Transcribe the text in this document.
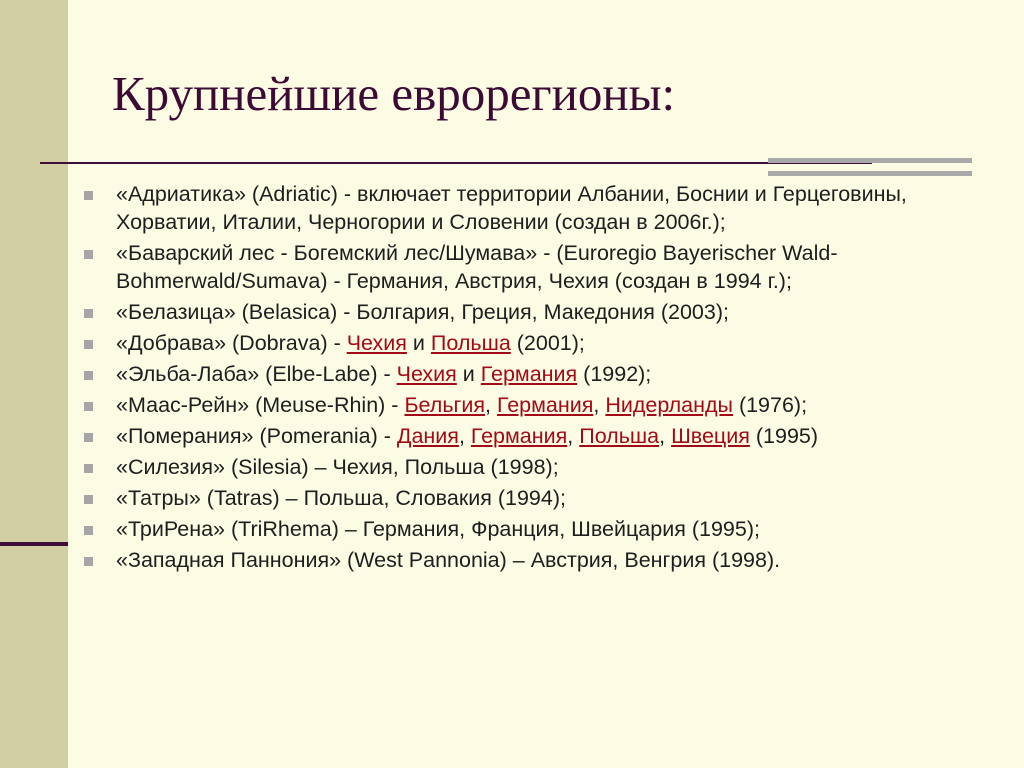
Крупнейшие еврорегионы:
«Адриатика» (Adriatic) - включает территории Албании, Боснии и Герцеговины, Хорватии, Италии, Черногории и Словении (создан в 2006г.);
«Баварский лес - Богемский лес/Шумава» - (Euroregio Bayerischer Wald-Bohmerwald/Sumava) - Германия, Австрия, Чехия (создан в 1994 г.);
«Белазица» (Belasica) - Болгария, Греция, Македония (2003);
«Добрава» (Dobrava) - Чехия и Польша (2001);
«Эльба-Лаба» (Elbe-Labe) - Чехия и Германия (1992);
«Маас-Рейн» (Meuse-Rhin) - Бельгия, Германия, Нидерланды (1976);
«Померания» (Pomerania) - Дания, Германия, Польша, Швеция (1995)
«Силезия» (Silesia) – Чехия, Польша (1998);
«Татры» (Tatras) – Польша, Словакия (1994);
«ТриРена» (TriRhema) – Германия, Франция, Швейцария (1995);
«Западная Паннония» (West Pannonia) – Австрия, Венгрия (1998).
